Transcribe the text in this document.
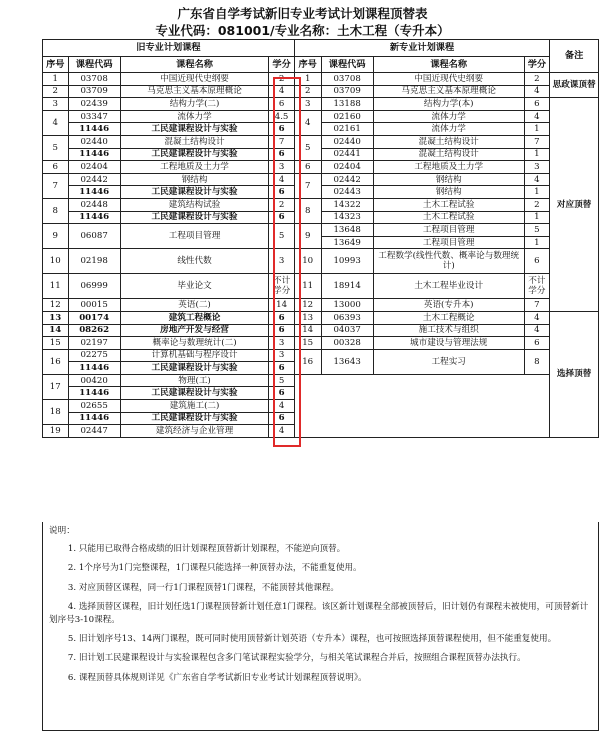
广东省自学考试新旧专业考试计划课程顶替表
专业代码：081001/专业名称：土木工程（专升本）
旧专业计划课程				新专业计划课程				备注
序号	课程代码	课程名称	学分	序号	课程代码	课程名称	学分	
1	03708	中国近现代史纲要	2	1	03708	中国近现代史纲要	2	思政课顶替
2	03709	马克思主义基本原理概论	4	2	03709	马克思主义基本原理概论	4	
3	02439	结构力学(二)	6	3	13188	结构力学(本)	6	对应顶替
4	03347	流体力学	4.5	4	02160	流体力学	4	
	11446	工民建课程设计与实验	6		02161	流体力学	1	
5	02440	混凝土结构设计	7	5	02440	混凝土结构设计	7	
	11446	工民建课程设计与实验	6		02441	混凝土结构设计	1	
6	02404	工程地质及土力学	3	6	02404	工程地质及土力学	3	
7	02442	钢结构	4	7	02442	钢结构	4	
	11446	工民建课程设计与实验	6		02443	钢结构	1	
8	02448	建筑结构试验	2	8	14322	土木工程试验	2	
	11446	工民建课程设计与实验	6		14323	土木工程试验	1	
9	06087	工程项目管理	5	9	13648	工程项目管理	5	
					13649	工程项目管理	1	
10	02198	线性代数	3	10	10993	工程数学(线性代数、概率论与数理统计)	6	
11	06999	毕业论文	不计学分	11	18914	土木工程毕业设计	不计学分	
12	00015	英语(二)	14	12	13000	英语(专升本)	7	
13	00174	建筑工程概论	6	13	06393	土木工程概论	4	选择顶替
14	08262	房地产开发与经营	6	14	04037	施工技术与组织	4	
15	02197	概率论与数理统计(二)	3	15	00328	城市建设与管理法规	6	
16	02275	计算机基础与程序设计	3	16	13643	工程实习	8	
	11446	工民建课程设计与实验	6					
17	00420	物理(工)	5					
	11446	工民建课程设计与实验	6					
18	02655	建筑施工(二)	4					
	11446	工民建课程设计与实验	6					
19	02447	建筑经济与企业管理	4					

说明：

1. 只能用已取得合格成绩的旧计划课程顶替新计划课程，不能逆向顶替。

2. 1个序号为1门完整课程，1门课程只能选择一种顶替办法，不能重复使用。

3. 对应顶替区课程，同一行1门课程顶替1门课程，不能顶替其他课程。

4. 选择顶替区课程，旧计划任选1门课程顶替新计划任意1门课程。该区新计划课程全部被顶替后，旧计划仍有课程未被使用，可顶替新计划序号3-10课程。

5. 旧计划序号13、14两门课程，既可同时使用顶替新计划英语（专升本）课程，也可按照选择顶替课程使用，但不能重复使用。

7. 旧计划工民建课程设计与实验课程包含多门笔试课程实验学分，与相关笔试课程合并后，按照组合课程顶替办法执行。

6. 课程顶替具体规则详见《广东省自学考试新旧专业考试计划课程顶替说明》。
